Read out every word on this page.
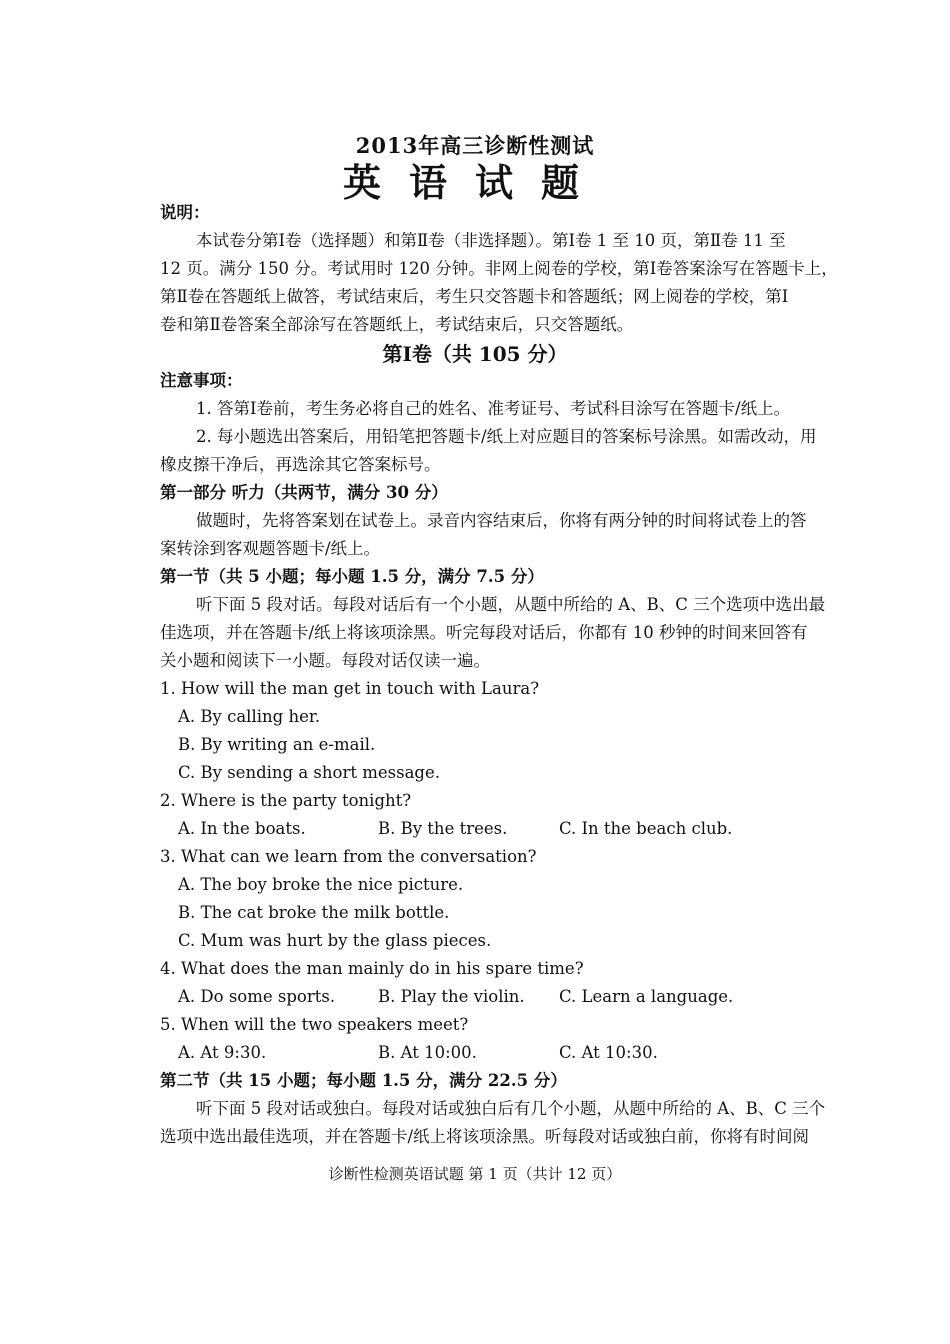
2013年高三诊断性测试
英语试题
说明：
本试卷分第Ⅰ卷（选择题）和第Ⅱ卷（非选择题）。第Ⅰ卷 1 至 10 页，第Ⅱ卷 11 至
12 页。满分 150 分。考试用时 120 分钟。非网上阅卷的学校，第Ⅰ卷答案涂写在答题卡上，
第Ⅱ卷在答题纸上做答，考试结束后，考生只交答题卡和答题纸；网上阅卷的学校，第Ⅰ
卷和第Ⅱ卷答案全部涂写在答题纸上，考试结束后，只交答题纸。
第Ⅰ卷（共 105 分）
注意事项：
1. 答第Ⅰ卷前，考生务必将自己的姓名、准考证号、考试科目涂写在答题卡/纸上。
2. 每小题选出答案后，用铅笔把答题卡/纸上对应题目的答案标号涂黑。如需改动，用
橡皮擦干净后，再选涂其它答案标号。
第一部分 听力（共两节，满分 30 分）
做题时，先将答案划在试卷上。录音内容结束后，你将有两分钟的时间将试卷上的答
案转涂到客观题答题卡/纸上。
第一节（共 5 小题；每小题 1.5 分，满分 7.5 分）
听下面 5 段对话。每段对话后有一个小题，从题中所给的 A、B、C 三个选项中选出最
佳选项，并在答题卡/纸上将该项涂黑。听完每段对话后，你都有 10 秒钟的时间来回答有
关小题和阅读下一小题。每段对话仅读一遍。
1. How will the man get in touch with Laura?
A. By calling her.
B. By writing an e-mail.
C. By sending a short message.
2. Where is the party tonight?
A. In the boats.	B. By the trees.	C. In the beach club.
3. What can we learn from the conversation?
A. The boy broke the nice picture.
B. The cat broke the milk bottle.
C. Mum was hurt by the glass pieces.
4. What does the man mainly do in his spare time?
A. Do some sports.	B. Play the violin. C. Learn a language.
5. When will the two speakers meet?
A. At 9:30.	B. At 10:00.	C. At 10:30.
第二节（共 15 小题；每小题 1.5 分，满分 22.5 分）
听下面 5 段对话或独白。每段对话或独白后有几个小题，从题中所给的 A、B、C 三个
选项中选出最佳选项，并在答题卡/纸上将该项涂黑。听每段对话或独白前，你将有时间阅
诊断性检测英语试题 第 1 页（共计 12 页）
